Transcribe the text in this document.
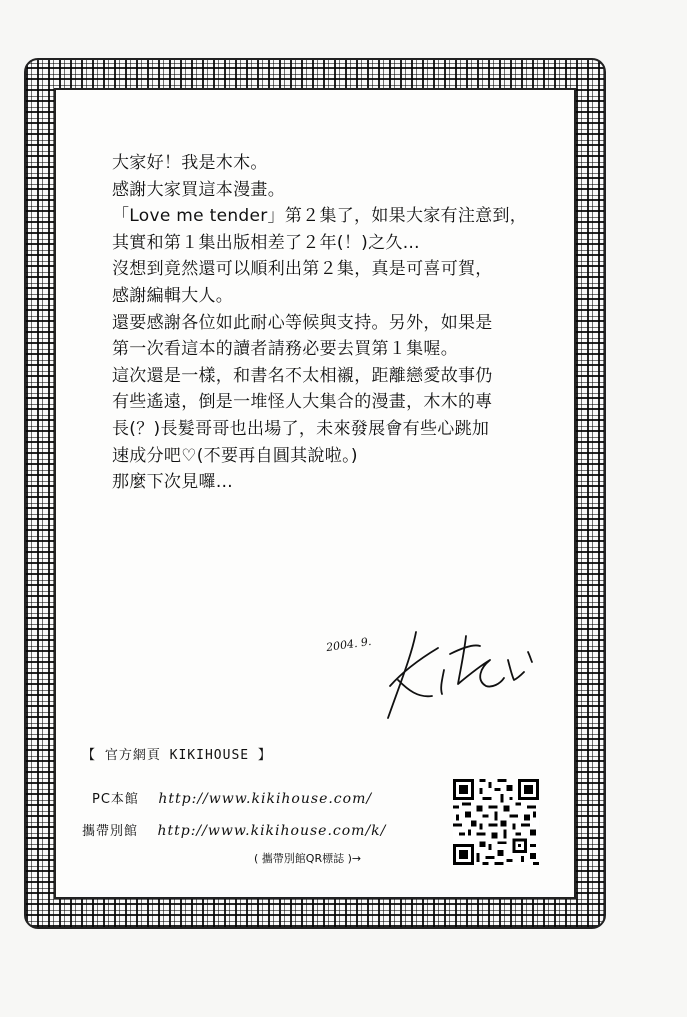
大家好！我是木木。
感謝大家買這本漫畫。
「Love me tender」第２集了，如果大家有注意到，
其實和第１集出版相差了２年(！)之久…
沒想到竟然還可以順利出第２集，真是可喜可賀，
感謝編輯大人。
還要感謝各位如此耐心等候與支持。另外，如果是
第一次看這本的讀者請務必要去買第１集喔。
這次還是一樣，和書名不太相襯，距離戀愛故事仍
有些遙遠，倒是一堆怪人大集合的漫畫，木木的專
長(？)長髮哥哥也出場了，未來發展會有些心跳加
速成分吧♡(不要再自圓其說啦。)
那麼下次見囉…
2004. 9.
【 官方網頁 KIKIHOUSE 】
PC本館 http://www.kikihouse.com/
攜帶別館 http://www.kikihouse.com/k/
( 攜帶別館QR標誌 )→
